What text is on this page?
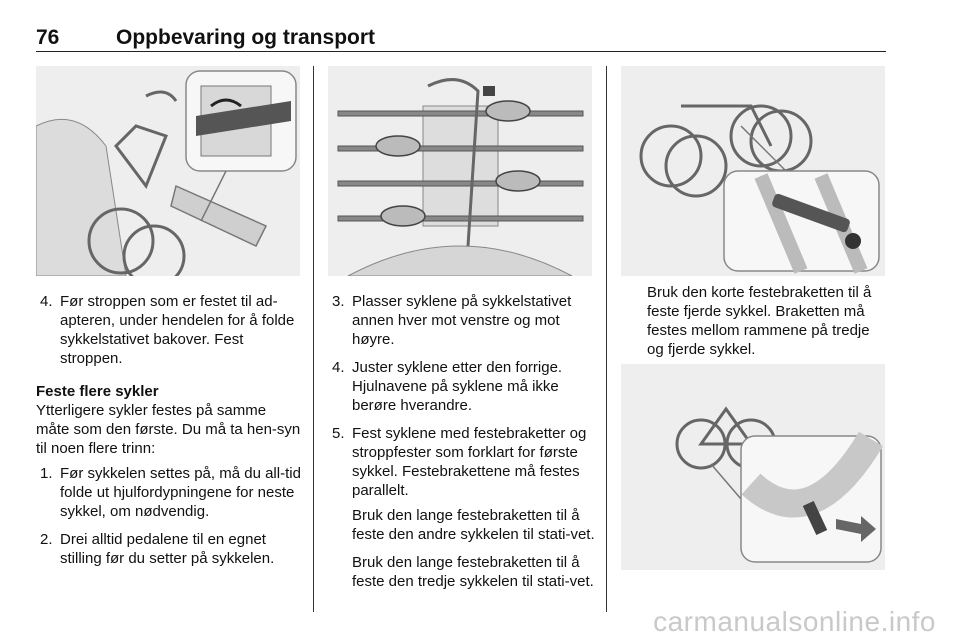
76	Oppbevaring og transport
4. Før stroppen som er festet til ad-apteren, under hendelen for å folde sykkelstativet bakover. Fest stroppen.
Feste flere sykler
Ytterligere sykler festes på samme måte som den første. Du må ta hen-syn til noen flere trinn:
1. Før sykkelen settes på, må du all-tid folde ut hjulfordypningene for neste sykkel, om nødvendig.
2. Drei alltid pedalene til en egnet stilling før du setter på sykkelen.
3. Plasser syklene på sykkelstativet annen hver mot venstre og mot høyre.
4. Juster syklene etter den forrige. Hjulnavene på syklene må ikke berøre hverandre.
5. Fest syklene med festebraketter og stroppfester som forklart for første sykkel. Festebrakettene må festes parallelt.

Bruk den lange festebraketten til å feste den andre sykkelen til stati-vet.

Bruk den lange festebraketten til å feste den tredje sykkelen til stati-vet.

Bruk den korte festebraketten til å feste fjerde sykkel. Braketten må festes mellom rammene på tredje og fjerde sykkel.
carmanualsonline.info
